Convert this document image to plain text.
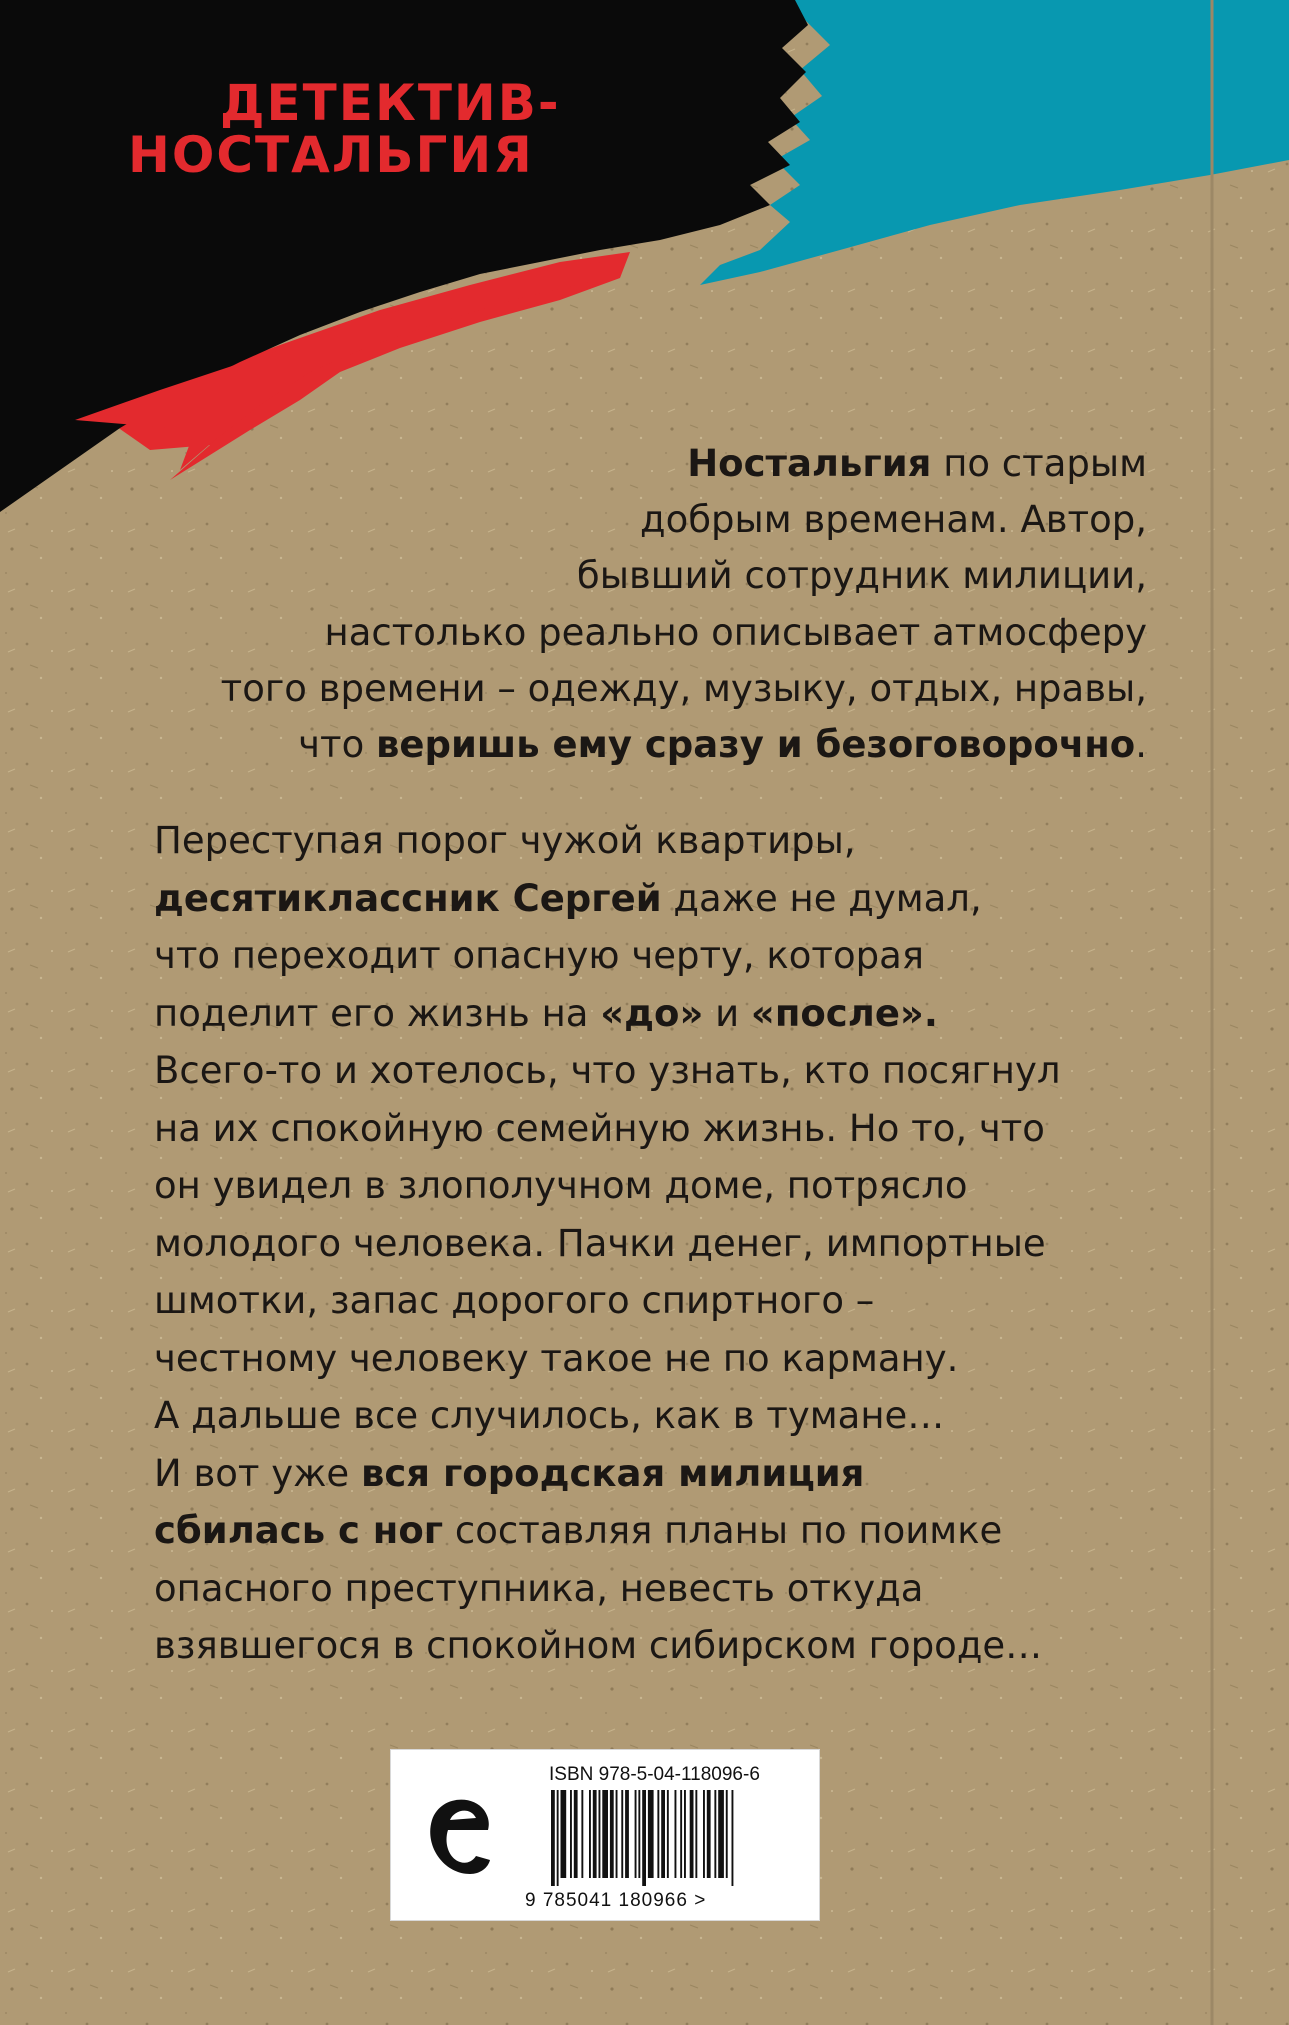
ДЕТЕКТИВ-
НОСТАЛЬГИЯ

Ностальгия по старым
добрым временам. Автор,
бывший сотрудник милиции,
настолько реально описывает атмосферу
того времени – одежду, музыку, отдых, нравы,
что веришь ему сразу и безоговорочно.

Переступая порог чужой квартиры,
десятиклассник Сергей даже не думал,
что переходит опасную черту, которая
поделит его жизнь на «до» и «после».
Всего-то и хотелось, что узнать, кто посягнул
на их спокойную семейную жизнь. Но то, что
он увидел в злополучном доме, потрясло
молодого человека. Пачки денег, импортные
шмотки, запас дорогого спиртного –
честному человеку такое не по карману.
А дальше все случилось, как в тумане…
И вот уже вся городская милиция
сбилась с ног составляя планы по поимке
опасного преступника, невесть откуда
взявшегося в спокойном сибирском городе…

ISBN 978-5-04-118096-6
9 785041 180966 >
